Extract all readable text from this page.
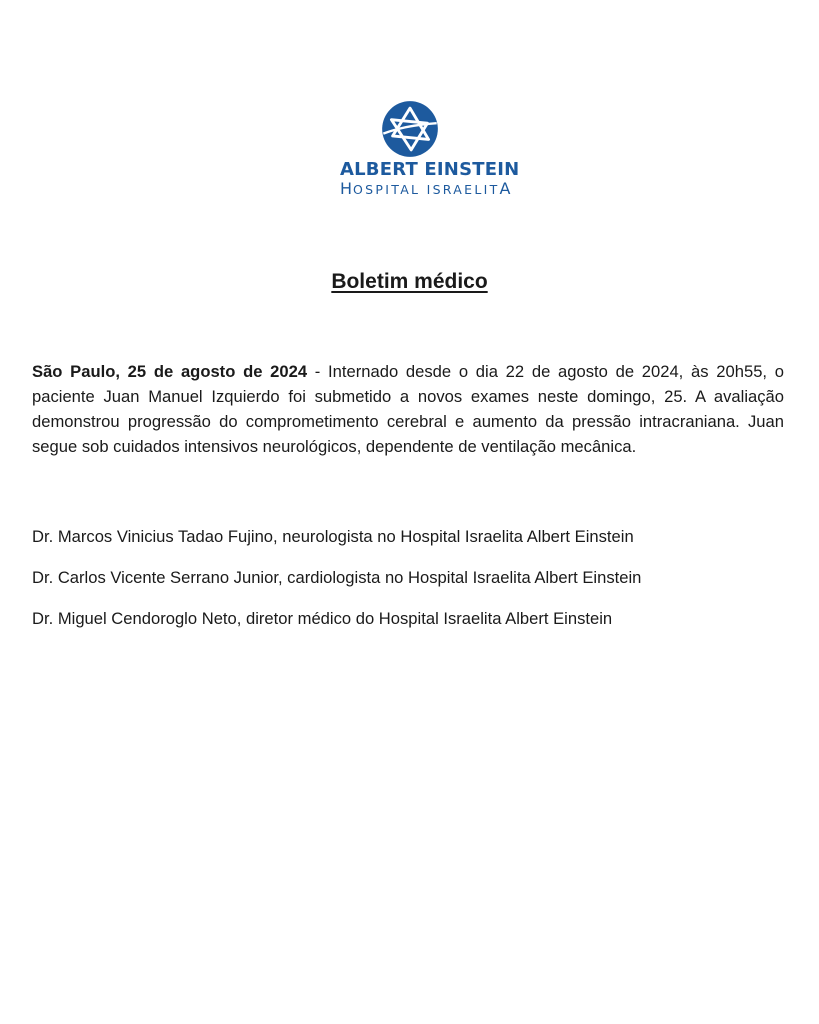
ALBERT EINSTEIN
HOSPITAL ISRAELITA
Boletim médico
São Paulo, 25 de agosto de 2024 - Internado desde o dia 22 de agosto de 2024, às 20h55, o paciente Juan Manuel Izquierdo foi submetido a novos exames neste domingo, 25. A avaliação demonstrou progressão do comprometimento cerebral e aumento da pressão intracraniana. Juan segue sob cuidados intensivos neurológicos, dependente de ventilação mecânica.
Dr. Marcos Vinicius Tadao Fujino, neurologista no Hospital Israelita Albert Einstein
Dr. Carlos Vicente Serrano Junior, cardiologista no Hospital Israelita Albert Einstein
Dr. Miguel Cendoroglo Neto, diretor médico do Hospital Israelita Albert Einstein
